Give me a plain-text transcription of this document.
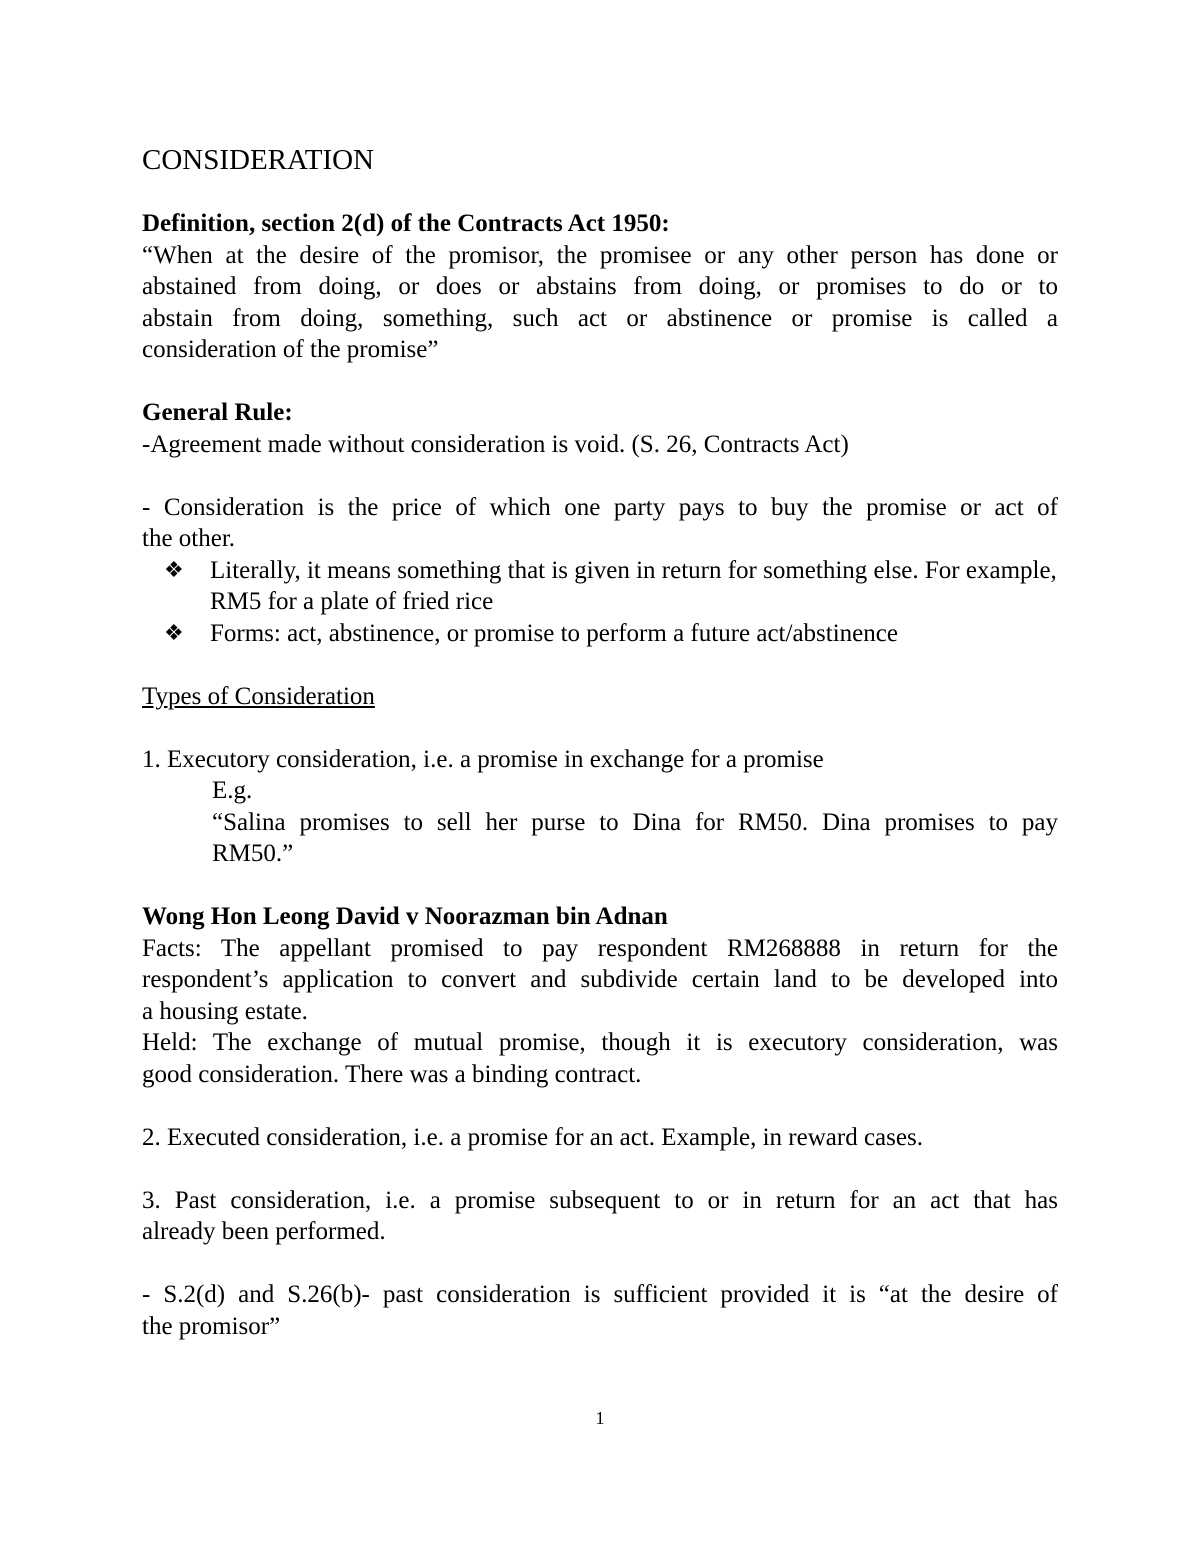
CONSIDERATION

Definition, section 2(d) of the Contracts Act 1950:

“When at the desire of the promisor, the promisee or any other person has done or

abstained from doing, or does or abstains from doing, or promises to do or to

abstain from doing, something, such act or abstinence or promise is called a

consideration of the promise”

General Rule:

-Agreement made without consideration is void. (S. 26, Contracts Act)

- Consideration is the price of which one party pays to buy the promise or act of

the other.

❖	Literally, it means something that is given in return for something else. For example, RM5 for a plate of fried rice
❖	Forms: act, abstinence, or promise to perform a future act/abstinence

Types of Consideration

1. Executory consideration, i.e. a promise in exchange for a promise

E.g.

“Salina promises to sell her purse to Dina for RM50. Dina promises to pay

RM50.”

Wong Hon Leong David v Noorazman bin Adnan

Facts: The appellant promised to pay respondent RM268888 in return for the

respondent’s application to convert and subdivide certain land to be developed into

a housing estate.

Held: The exchange of mutual promise, though it is executory consideration, was

good consideration. There was a binding contract.

2. Executed consideration, i.e. a promise for an act. Example, in reward cases.

3. Past consideration, i.e. a promise subsequent to or in return for an act that has

already been performed.

- S.2(d) and S.26(b)- past consideration is sufficient provided it is “at the desire of

the promisor”

1
